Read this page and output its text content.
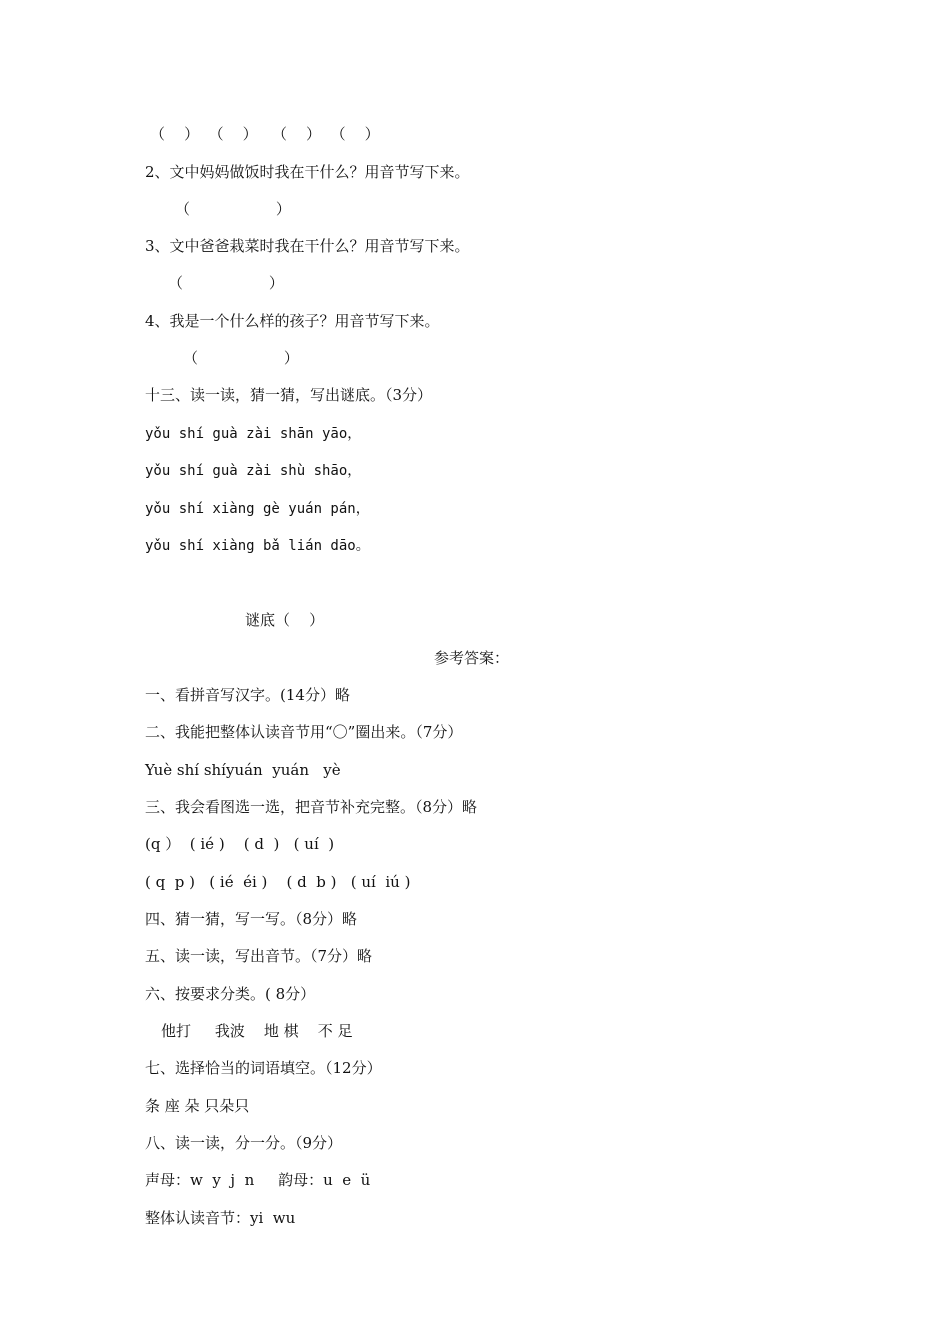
（    ）  （    ）   （    ）  （    ）
2、文中妈妈做饭时我在干什么？用音节写下来。
（                  ）
3、文中爸爸栽菜时我在干什么？用音节写下来。
（                  ）
4、我是一个什么样的孩子？用音节写下来。
（                  ）
十三、读一读，猜一猜，写出谜底。（3分）
yǒu shí guà zài shān yāo，
yǒu shí guà zài shù shāo，
yǒu shí xiàng gè yuán pán，
yǒu shí xiàng bǎ lián dāo。
谜底（    ）
参考答案：
一、看拼音写汉字。(14分）略
二、我能把整体认读音节用“〇”圈出来。（7分）
Yuè shí shíyuán  yuán   yè
三、我会看图选一选，把音节补充完整。（8分）略
(q ）  ( ié )    ( d  )   ( uí  )
( q  p )   ( ié  éi )    ( d  b )   ( uí  iú )
四、猜一猜，写一写。（8分）略
五、读一读，写出音节。（7分）略
六、按要求分类。( 8分）
他打     我波    地 棋    不 足
七、选择恰当的词语填空。（12分）
条 座 朵 只朵只
八、读一读，分一分。（9分）
声母：w  y  j  n     韵母：u  e  ü
整体认读音节：yi  wu
